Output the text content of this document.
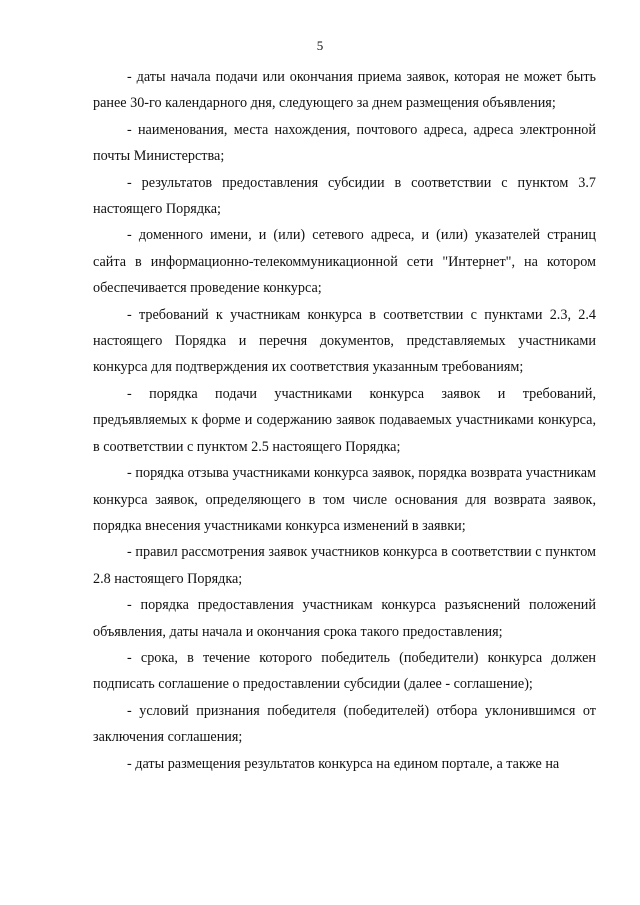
5

- даты начала подачи или окончания приема заявок, которая не может быть ранее 30-го календарного дня, следующего за днем размещения объявления;

- наименования, места нахождения, почтового адреса, адреса электронной почты Министерства;

- результатов предоставления субсидии в соответствии с пунктом 3.7 настоящего Порядка;

- доменного имени, и (или) сетевого адреса, и (или) указателей страниц сайта в информационно-телекоммуникационной сети "Интернет", на котором обеспечивается проведение конкурса;

- требований к участникам конкурса в соответствии с пунктами 2.3, 2.4 настоящего Порядка и перечня документов, представляемых участниками конкурса для подтверждения их соответствия указанным требованиям;

- порядка подачи участниками конкурса заявок и требований, предъявляемых к форме и содержанию заявок подаваемых участниками конкурса, в соответствии с пунктом 2.5 настоящего Порядка;

- порядка отзыва участниками конкурса заявок, порядка возврата участникам конкурса заявок, определяющего в том числе основания для возврата заявок, порядка внесения участниками конкурса изменений в заявки;

- правил рассмотрения заявок участников конкурса в соответствии с пунктом 2.8 настоящего Порядка;

- порядка предоставления участникам конкурса разъяснений положений объявления, даты начала и окончания срока такого предоставления;

- срока, в течение которого победитель (победители) конкурса должен подписать соглашение о предоставлении субсидии (далее - соглашение);

- условий признания победителя (победителей) отбора уклонившимся от заключения соглашения;

- даты размещения результатов конкурса на едином портале, а также на
